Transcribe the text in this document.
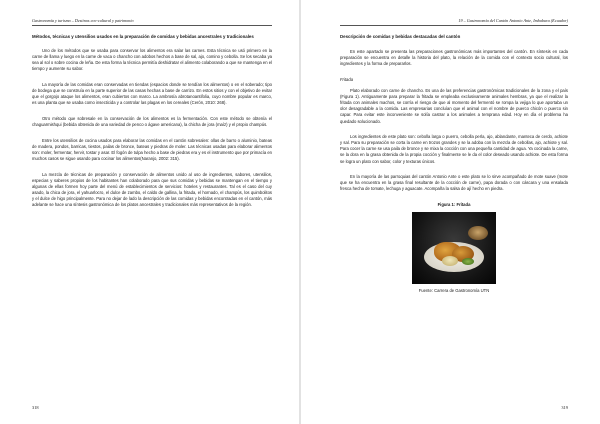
Gastronomía y turismo – Destinos eco-cultural y patrimonio
Métodos, técnicas y utensilios usados en la preparación de comidas y bebidas ancestrales y tradicionales

Uno de los métodos que se usaba para conservar los alimentos era salar las carnes. Esta técnica se usó primero en la carne de llama y luego en la carne de vaca o chancho con adobos hechos a base de sal, ajo, comino y cebolla. Se los secaba ya sea al sol o sobre cocina de leña. De esta forma la técnica permitía deshidratar el alimento colaborando a que se mantenga en el tiempo y aumente su sabor.

La mayoría de las comidas eran conservadas en tiendas (espacios donde se tendían los alimentos) o en el soberado; tipo de bodega que se construía en la parte superior de las casas hechas a base de carrizo. En estos sitios y con el objetivo de evitar que el gorgojo ataque los alimentos, eran cubiertos con marco. La ambrosía abrotanoantifolia, cuyo nombre popular es marco, es una planta que se usaba como insecticida y a controlar las plagas en los cereales (Cerón, 2010: 268).

Otro método que sobresale en la conservación de los alimentos es la fermentación. Con este método se obtenía el chaguarmishqui (bebida obtenida de una variedad de penco o ágave americana), la chicha de jora (maíz) y el propio champús.

Entre los utensilios de cocina usados para elaborar las comidas en el cantón sobresalen: ollas de barro o aluminio, bateas de madera, pondos, barricas, tiestos, pailas de bronce, bateas y piedras de moler. Las técnicas usadas para elaborar alimentos son: moler, fermentar, hervir, tostar y asar. El fogón de tulpa hecho a base de piedras era y es el instrumento que por primacía en muchos casos se sigue usando para cocinar los alimentos(Naranjo, 2002: 315).

La mezcla de técnicas de preparación y conservación de alimentos unido al uso de ingredientes, sabores, utensilios, especias y saberes propios de los habitantes han colaborado para que sus comidas y bebidas se mantengan en el tiempo y algunas de ellas formen hoy parte del menú de establecimientos de servicios: hoteles y restaurantes. Tal es el caso del cuy asado, la chica de jora, el yahuarlocro, el dulce de zambo, el caldo de gallina, la fritada, el hornado, el champús, los quimbolitos y el dulce de higo principalmente. Para no dejar de lado la descripción de las comidas y bebidas encontradas en el cantón, más adelante se hace una síntesis gastronómica de los platos ancestrales y tradicionales más representativos de la región.

318
19 – Gastronomía del Cantón Antonio Ante, Imbabura (Ecuador)
Descripción de comidas y bebidas destacadas del cantón

En este apartado se presenta las preparaciones gastronómicas más importantes del cantón. En síntesis en cada preparación se encuentra en detalle la historia del plato, la relación de la comida con el contexto socio cultural, los ingredientes y la forma de prepararlos.

Fritada

Plato elaborado con carne de chancho. Es una de las preferencias gastronómicas tradicionales de la zona y el país (Figura 1). Antiguamente para preparar la fritada se empleaba exclusivamente animales hembras, ya que el realizar la fritada con animales machos, se corría el riesgo de que al momento del fermentó se rompa la vejiga lo que aportaba un olor desagradable a la comida. Las empresarias concluían que el animal con el nombre de puerco chicón o puerco sin capar. Para evitar este inconveniente se solía castrar a los animales a temprana edad. Hoy en día el problema ha quedado solucionado.

Los ingredientes de este plato son: cebolla larga o puerro, cebolla perla, ajo, ablandante, manteca de cerdo, achiote y sal. Para su preparación se corta la carne en trozos grandes y se la adoba con la mezcla de cebollas, ajo, achiote y sal. Para cocer la carne se usa paila de bronce y se mixa la cocción con una pequeña cantidad de agua. Ya cocinada la carne, se la dora en la grasa obtenida de la propia cocción y finalmente se le da el color deseado usando achiote. De esta forma se logra un plato con sabor, color y texturas únicos.

En la mayoría de las parroquias del cantón Antonio Ante o este plato se lo sirve acompañado de mote suave (mote que se ha encuentra en la grasa final resultante de la cocción de carne), papa dorada o con cáscara y una ensalada fresca hecha de tomate, lechuga y aguacate. Acompaña la salsa de ají hecho en piedra.

Figura 1: Fritada

Fuente: Carrera de Gastronomía UTN

319
